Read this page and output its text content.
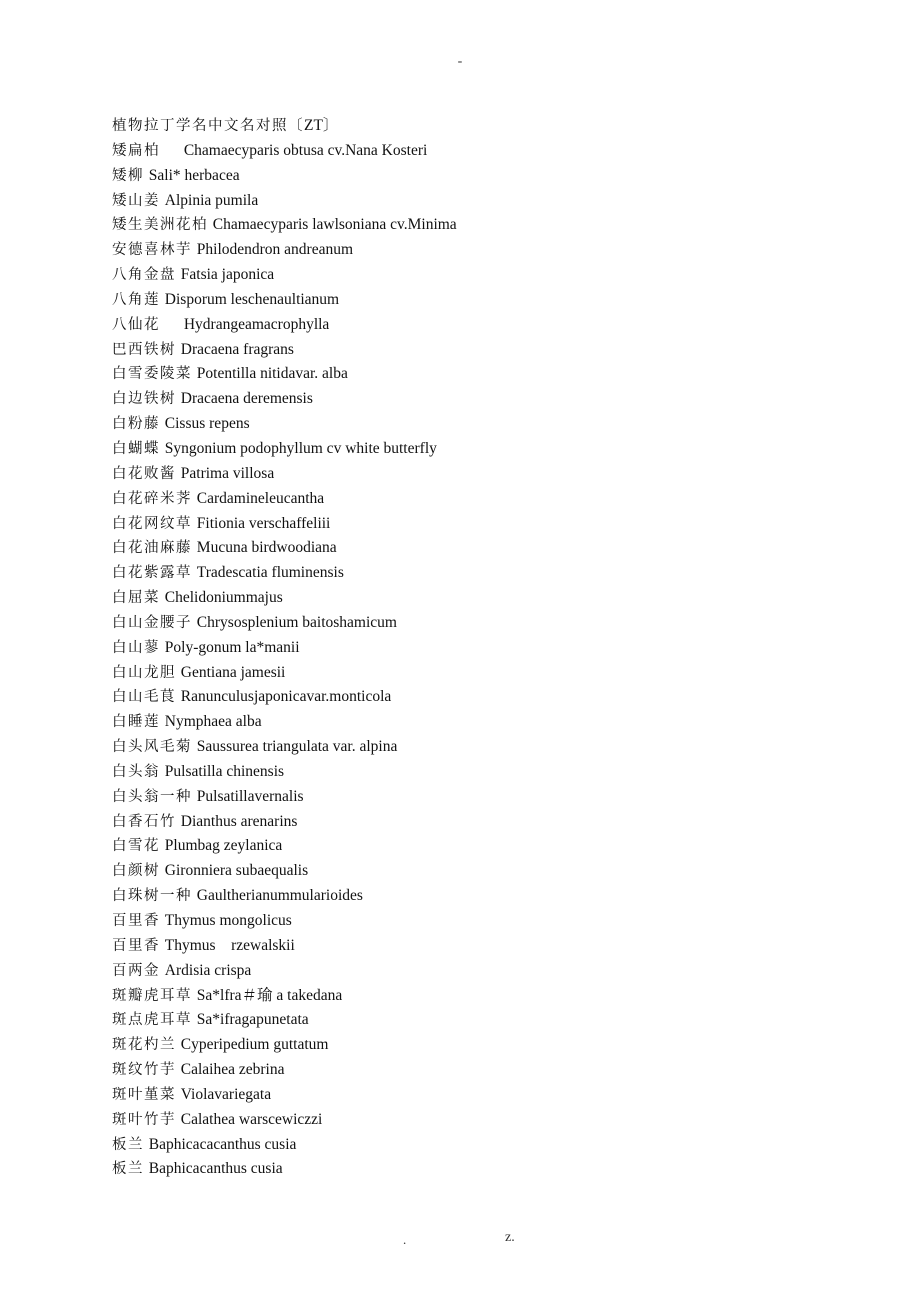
-
植物拉丁学名中文名对照〔ZT〕
矮扁柏 Chamaecyparis obtusa cv.Nana Kosteri
矮柳 Sali* herbacea
矮山姜 Alpinia pumila
矮生美洲花柏 Chamaecyparis lawlsoniana cv.Minima
安德喜林芋 Philodendron andreanum
八角金盘 Fatsia japonica
八角莲 Disporum leschenaultianum
八仙花 Hydrangeamacrophylla
巴西铁树 Dracaena fragrans
白雪委陵菜 Potentilla nitidavar. alba
白边铁树 Dracaena deremensis
白粉藤 Cissus repens
白蝴蝶 Syngonium podophyllum cv white butterfly
白花败酱 Patrima villosa
白花碎米荠 Cardamineleucantha
白花网纹草 Fitionia verschaffeliii
白花油麻藤 Mucuna birdwoodiana
白花紫露草 Tradescatia fluminensis
白屈菜 Chelidoniummajus
白山金腰子 Chrysosplenium baitoshamicum
白山蓼 Poly-gonum la*manii
白山龙胆 Gentiana jamesii
白山毛茛 Ranunculusjaponicavar.monticola
白睡莲 Nymphaea alba
白头风毛菊 Saussurea triangulata var. alpina
白头翁 Pulsatilla chinensis
白头翁一种 Pulsatillavernalis
白香石竹 Dianthus arenarins
白雪花 Plumbag zeylanica
白颜树 Gironniera subaequalis
白珠树一种 Gaultherianummularioides
百里香 Thymus mongolicus
百里香 Thymus    rzewalskii
百两金 Ardisia crispa
斑瓣虎耳草 Sa*lfra＃瑜 a takedana
斑点虎耳草 Sa*ifragapunetata
斑花杓兰 Cyperipedium guttatum
斑纹竹芋 Calaihea zebrina
斑叶堇菜 Violavariegata
斑叶竹芋 Calathea warscewiczzi
板兰 Baphicacacanthus cusia
板兰 Baphicacanthus cusia
.	z.
